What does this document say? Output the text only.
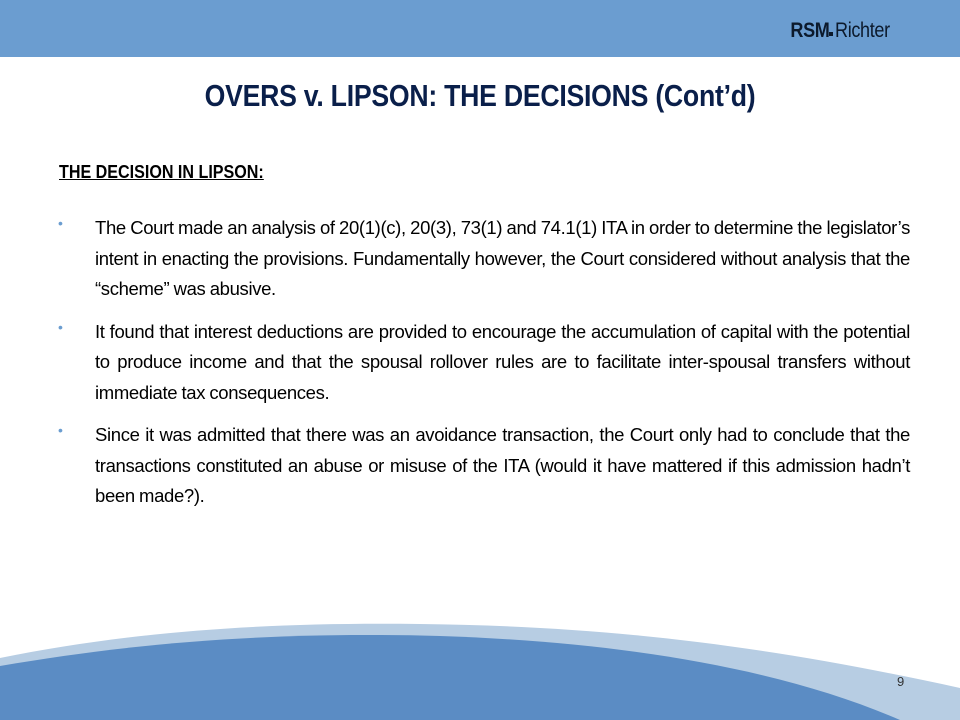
RSM Richter
OVERS v. LIPSON: THE DECISIONS (Cont’d)
THE DECISION IN LIPSON:
• The Court made an analysis of 20(1)(c), 20(3), 73(1) and 74.1(1) ITA in order to determine the legislator’s intent in enacting the provisions. Fundamentally however, the Court considered without analysis that the “scheme” was abusive.
• It found that interest deductions are provided to encourage the accumulation of capital with the potential to produce income and that the spousal rollover rules are to facilitate inter-spousal transfers without immediate tax consequences.
• Since it was admitted that there was an avoidance transaction, the Court only had to conclude that the transactions constituted an abuse or misuse of the ITA (would it have mattered if this admission hadn’t been made?).
9
